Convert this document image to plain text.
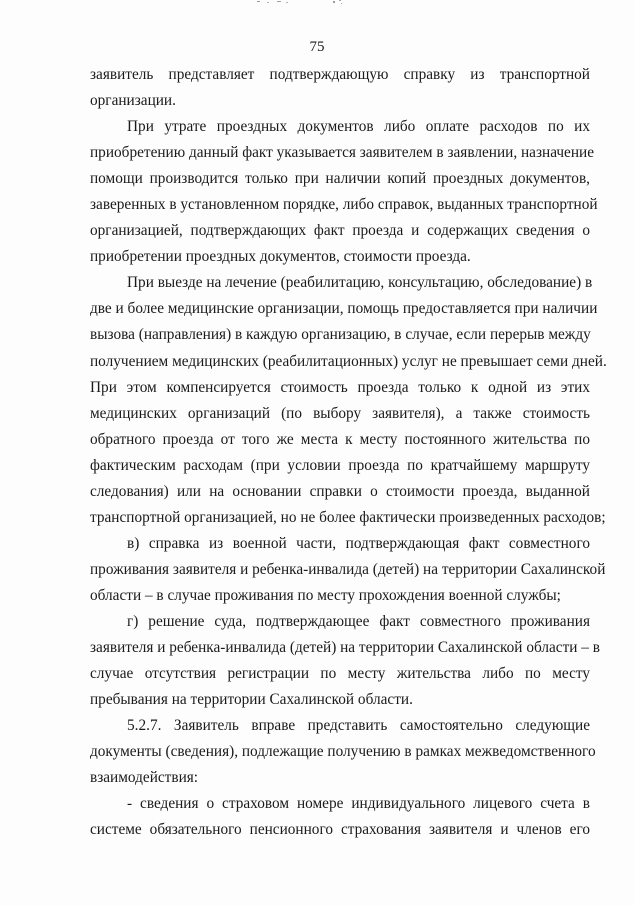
75
заявитель представляет подтверждающую справку из транспортной
организации.
При утрате проездных документов либо оплате расходов по их
приобретению данный факт указывается заявителем в заявлении, назначение
помощи производится только при наличии копий проездных документов,
заверенных в установленном порядке, либо справок, выданных транспортной
организацией, подтверждающих факт проезда и содержащих сведения о
приобретении проездных документов, стоимости проезда.
При выезде на лечение (реабилитацию, консультацию, обследование) в
две и более медицинские организации, помощь предоставляется при наличии
вызова (направления) в каждую организацию, в случае, если перерыв между
получением медицинских (реабилитационных) услуг не превышает семи дней.
При этом компенсируется стоимость проезда только к одной из этих
медицинских организаций (по выбору заявителя), а также стоимость
обратного проезда от того же места к месту постоянного жительства по
фактическим расходам (при условии проезда по кратчайшему маршруту
следования) или на основании справки о стоимости проезда, выданной
транспортной организацией, но не более фактически произведенных расходов;
в) справка из военной части, подтверждающая факт совместного
проживания заявителя и ребенка-инвалида (детей) на территории Сахалинской
области – в случае проживания по месту прохождения военной службы;
г) решение суда, подтверждающее факт совместного проживания
заявителя и ребенка-инвалида (детей) на территории Сахалинской области – в
случае отсутствия регистрации по месту жительства либо по месту
пребывания на территории Сахалинской области.
5.2.7. Заявитель вправе представить самостоятельно следующие
документы (сведения), подлежащие получению в рамках межведомственного
взаимодействия:
- сведения о страховом номере индивидуального лицевого счета в
системе обязательного пенсионного страхования заявителя и членов его
